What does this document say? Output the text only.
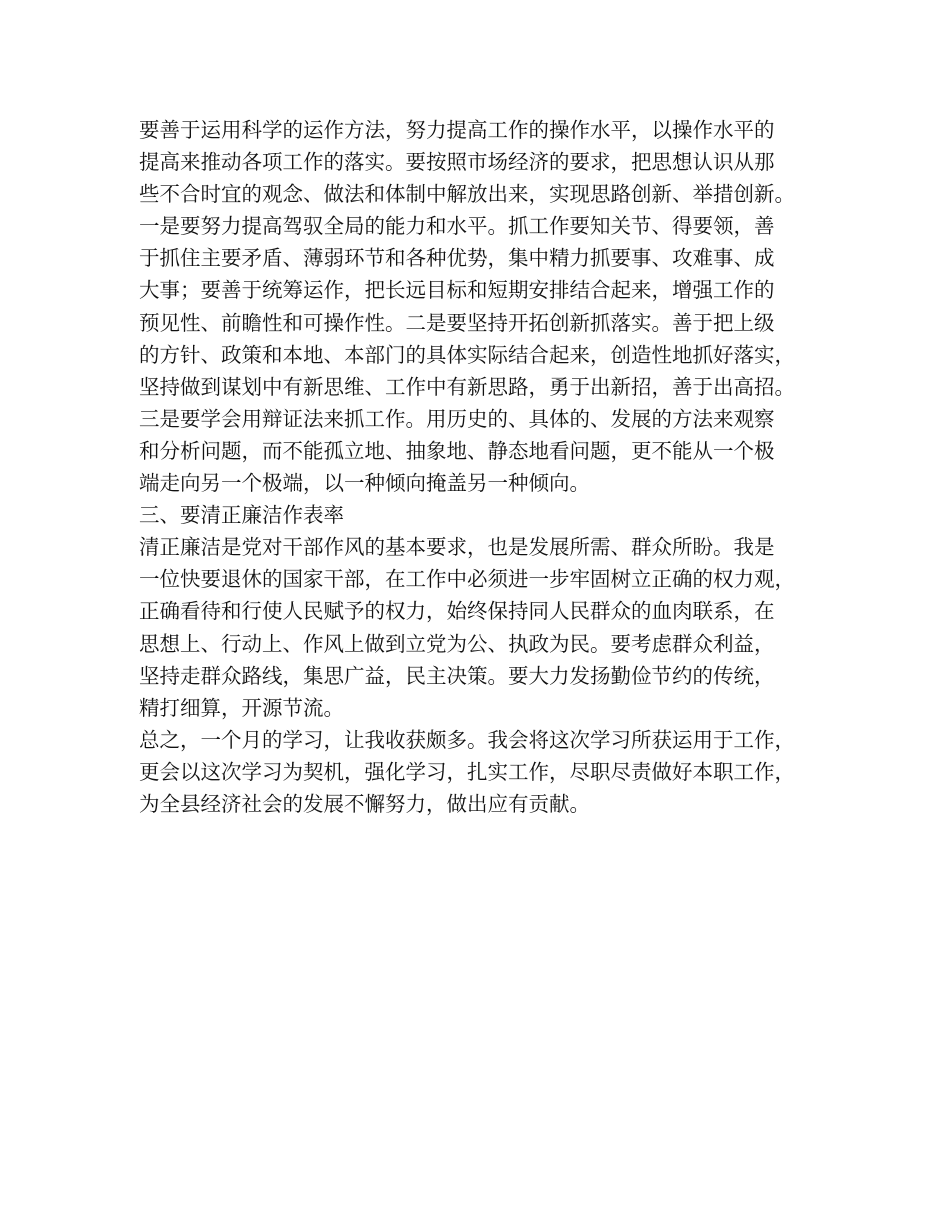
要善于运用科学的运作方法，努力提高工作的操作水平，以操作水平的
提高来推动各项工作的落实。要按照市场经济的要求，把思想认识从那
些不合时宜的观念、做法和体制中解放出来，实现思路创新、举措创新。
一是要努力提高驾驭全局的能力和水平。抓工作要知关节、得要领，善
于抓住主要矛盾、薄弱环节和各种优势，集中精力抓要事、攻难事、成
大事；要善于统筹运作，把长远目标和短期安排结合起来，增强工作的
预见性、前瞻性和可操作性。二是要坚持开拓创新抓落实。善于把上级
的方针、政策和本地、本部门的具体实际结合起来，创造性地抓好落实，
坚持做到谋划中有新思维、工作中有新思路，勇于出新招，善于出高招。
三是要学会用辩证法来抓工作。用历史的、具体的、发展的方法来观察
和分析问题，而不能孤立地、抽象地、静态地看问题，更不能从一个极
端走向另一个极端，以一种倾向掩盖另一种倾向。
三、要清正廉洁作表率
清正廉洁是党对干部作风的基本要求，也是发展所需、群众所盼。我是
一位快要退休的国家干部，在工作中必须进一步牢固树立正确的权力观，
正确看待和行使人民赋予的权力，始终保持同人民群众的血肉联系，在
思想上、行动上、作风上做到立党为公、执政为民。要考虑群众利益，
坚持走群众路线，集思广益，民主决策。要大力发扬勤俭节约的传统，
精打细算，开源节流。
总之，一个月的学习，让我收获颇多。我会将这次学习所获运用于工作，
更会以这次学习为契机，强化学习，扎实工作，尽职尽责做好本职工作，
为全县经济社会的发展不懈努力，做出应有贡献。
